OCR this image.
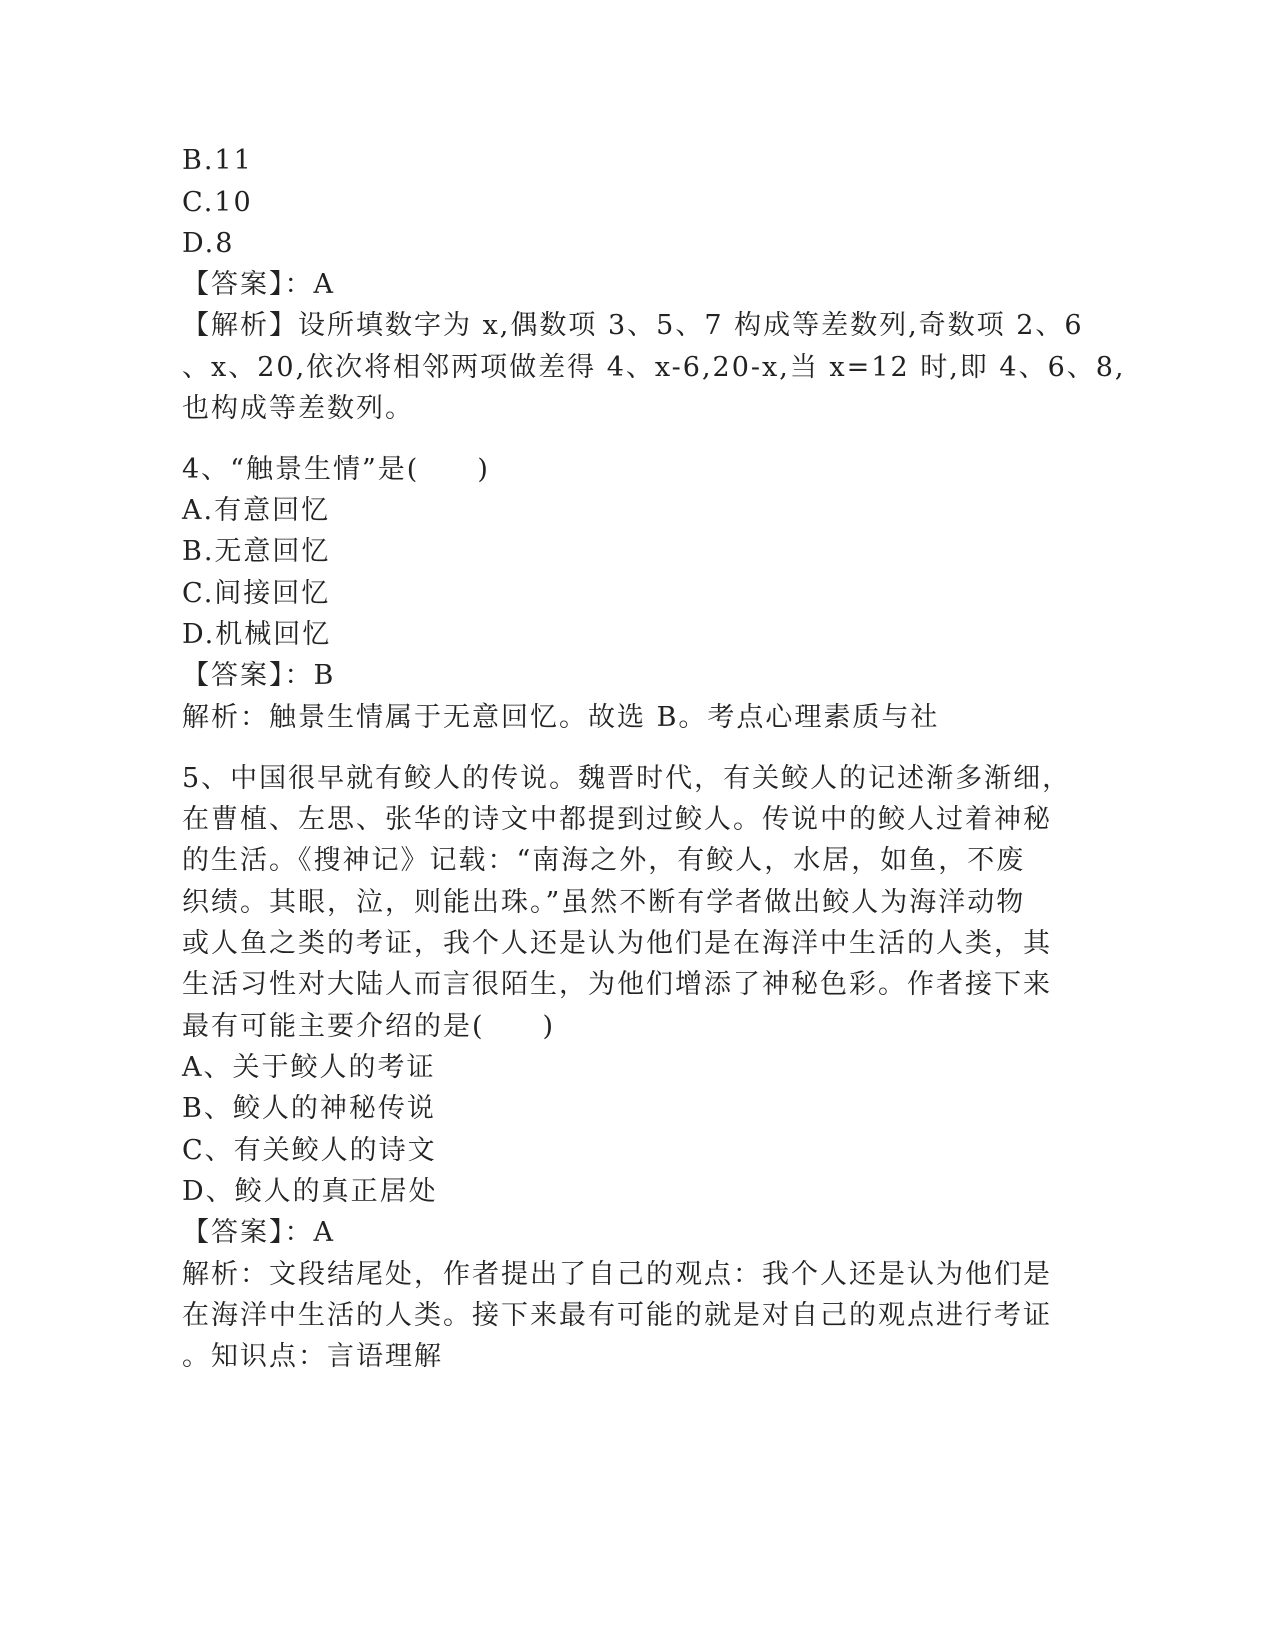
B.11
C.10
D.8
【答案】：A
【解析】设所填数字为 x,偶数项 3、5、7 构成等差数列,奇数项 2、6
、x、20,依次将相邻两项做差得 4、x-6,20-x,当 x=12 时,即 4、6、8,
也构成等差数列。
4、“触景生情”是(　　)
A.有意回忆
B.无意回忆
C.间接回忆
D.机械回忆
【答案】：B
解析：触景生情属于无意回忆。故选 B。考点心理素质与社
5、中国很早就有鲛人的传说。魏晋时代，有关鲛人的记述渐多渐细，
在曹植、左思、张华的诗文中都提到过鲛人。传说中的鲛人过着神秘
的生活。《搜神记》记载：“南海之外，有鲛人，水居，如鱼，不废
织绩。其眼，泣，则能出珠。”虽然不断有学者做出鲛人为海洋动物
或人鱼之类的考证，我个人还是认为他们是在海洋中生活的人类，其
生活习性对大陆人而言很陌生，为他们增添了神秘色彩。作者接下来
最有可能主要介绍的是(　　)
A、关于鲛人的考证
B、鲛人的神秘传说
C、有关鲛人的诗文
D、鲛人的真正居处
【答案】：A
解析：文段结尾处，作者提出了自己的观点：我个人还是认为他们是
在海洋中生活的人类。接下来最有可能的就是对自己的观点进行考证
。知识点：言语理解
